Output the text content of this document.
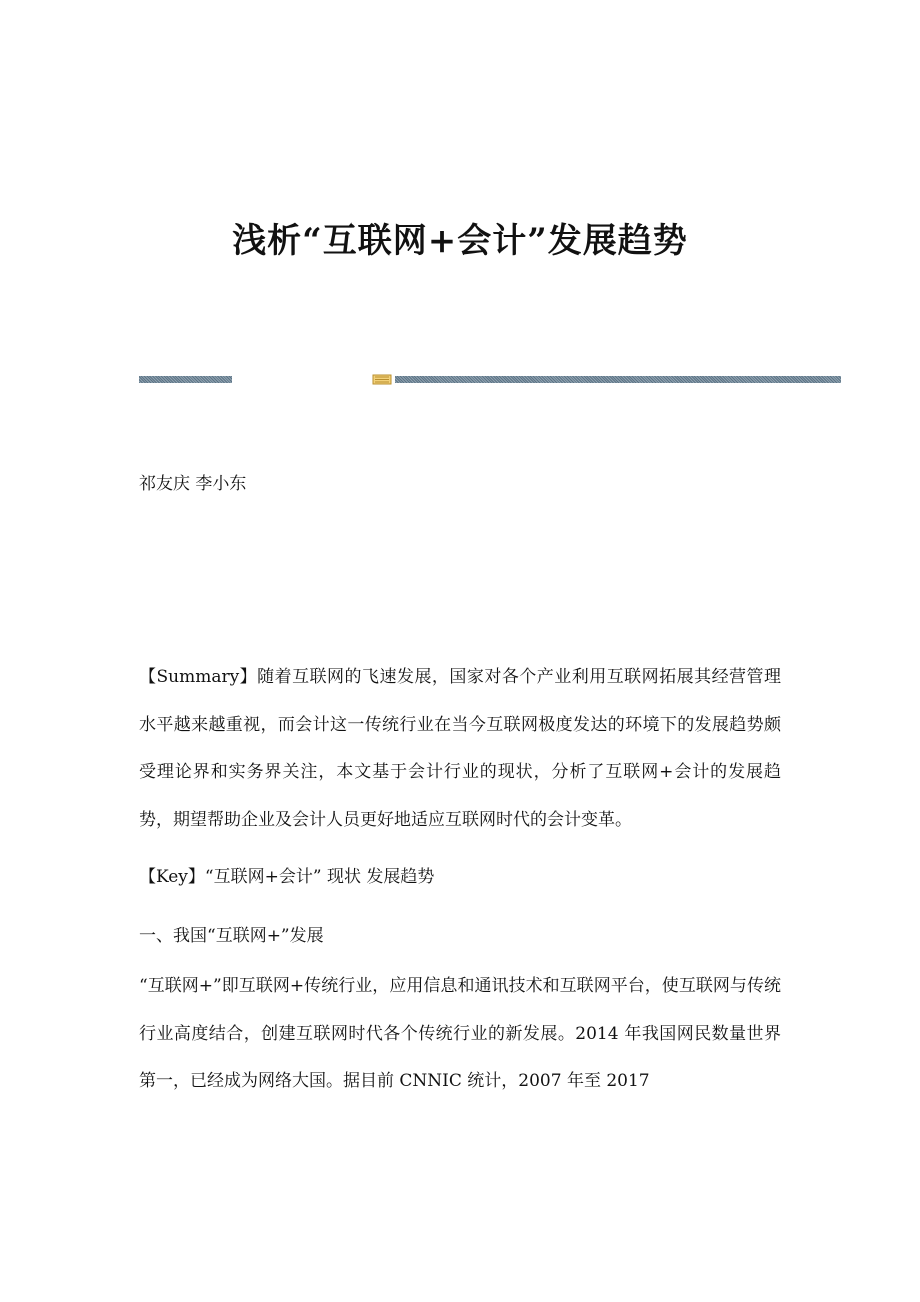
浅析“互联网+会计”发展趋势

祁友庆 李小东

【Summary】随着互联网的飞速发展，国家对各个产业利用互联网拓展其经营管理水平越来越重视，而会计这一传统行业在当今互联网极度发达的环境下的发展趋势颇受理论界和实务界关注，本文基于会计行业的现状，分析了互联网+会计的发展趋势，期望帮助企业及会计人员更好地适应互联网时代的会计变革。

【Key】“互联网+会计” 现状 发展趋势

一、我国“互联网+”发展

“互联网+”即互联网+传统行业，应用信息和通讯技术和互联网平台，使互联网与传统行业高度结合，创建互联网时代各个传统行业的新发展。2014 年我国网民数量世界第一，已经成为网络大国。据目前 CNNIC 统计，2007 年至 2017
